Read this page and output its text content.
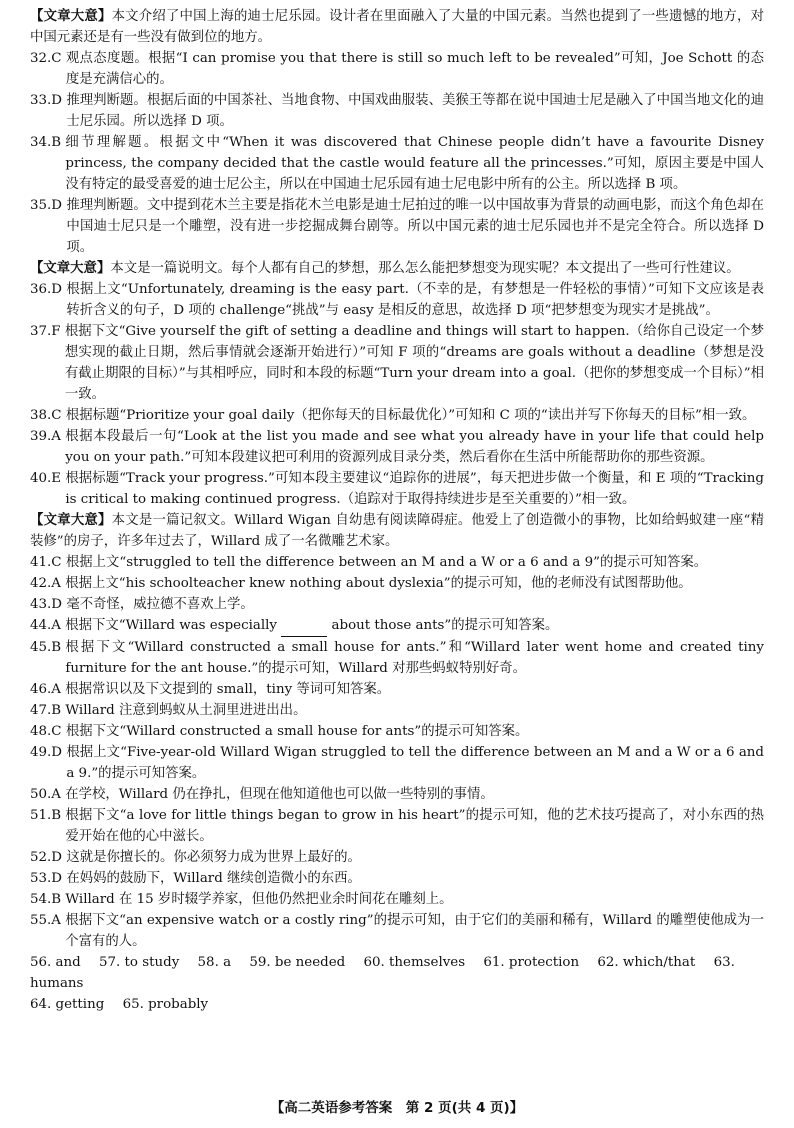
【文章大意】本文介绍了中国上海的迪士尼乐园。设计者在里面融入了大量的中国元素。当然也提到了一些遗憾的地方，对中国元素还是有一些没有做到位的地方。

32.C
观点态度题。根据“I can promise you that there is still so much left to be revealed”可知，Joe Schott 的态度是充满信心的。
33.D
推理判断题。根据后面的中国茶社、当地食物、中国戏曲服装、美猴王等都在说中国迪士尼是融入了中国当地文化的迪士尼乐园。所以选择 D 项。
34.B
细节理解题。根据文中“When it was discovered that Chinese people didn’t have a favourite Disney princess, the company decided that the castle would feature all the princesses.”可知，原因主要是中国人没有特定的最受喜爱的迪士尼公主，所以在中国迪士尼乐园有迪士尼电影中所有的公主。所以选择 B 项。
35.D
推理判断题。文中提到花木兰主要是指花木兰电影是迪士尼拍过的唯一以中国故事为背景的动画电影，而这个角色却在中国迪士尼只是一个雕塑，没有进一步挖掘成舞台剧等。所以中国元素的迪士尼乐园也并不是完全符合。所以选择 D 项。

【文章大意】本文是一篇说明文。每个人都有自己的梦想，那么怎么能把梦想变为现实呢？本文提出了一些可行性建议。

36.D
根据上文“Unfortunately, dreaming is the easy part.（不幸的是，有梦想是一件轻松的事情）”可知下文应该是表转折含义的句子，D 项的 challenge“挑战”与 easy 是相反的意思，故选择 D 项“把梦想变为现实才是挑战”。
37.F
根据下文“Give yourself the gift of setting a deadline and things will start to happen.（给你自己设定一个梦想实现的截止日期，然后事情就会逐渐开始进行）”可知 F 项的“dreams are goals without a deadline（梦想是没有截止期限的目标）”与其相呼应，同时和本段的标题“Turn your dream into a goal.（把你的梦想变成一个目标）”相一致。
38.C
根据标题“Prioritize your goal daily（把你每天的目标最优化）”可知和 C 项的“读出并写下你每天的目标”相一致。
39.A
根据本段最后一句“Look at the list you made and see what you already have in your life that could help you on your path.”可知本段建议把可利用的资源列成目录分类，然后看你在生活中所能帮助你的那些资源。
40.E
根据标题“Track your progress.”可知本段主要建议“追踪你的进展”，每天把进步做一个衡量，和 E 项的“Tracking is critical to making continued progress.（追踪对于取得持续进步是至关重要的）”相一致。

【文章大意】本文是一篇记叙文。Willard Wigan 自幼患有阅读障碍症。他爱上了创造微小的事物，比如给蚂蚁建一座“精装修”的房子，许多年过去了，Willard 成了一名微雕艺术家。

41.C
根据上文“struggled to tell the difference between an M and a W or a 6 and a 9”的提示可知答案。
42.A
根据上文“his schoolteacher knew nothing about dyslexia”的提示可知，他的老师没有试图帮助他。
43.D
毫不奇怪，威拉德不喜欢上学。
44.A
根据下文“Willard was especially	about those ants”的提示可知答案。
45.B
根据下文“Willard constructed a small house for ants.”和“Willard later went home and created tiny furniture for the ant house.”的提示可知，Willard 对那些蚂蚁特别好奇。
46.A
根据常识以及下文提到的 small，tiny 等词可知答案。
47.B
Willard 注意到蚂蚁从土洞里进进出出。
48.C
根据下文“Willard constructed a small house for ants”的提示可知答案。
49.D
根据上文“Five-year-old Willard Wigan struggled to tell the difference between an M and a W or a 6 and a 9.”的提示可知答案。
50.A
在学校，Willard 仍在挣扎，但现在他知道他也可以做一些特别的事情。
51.B
根据下文“a love for little things began to grow in his heart”的提示可知，他的艺术技巧提高了，对小东西的热爱开始在他的心中滋长。
52.D
这就是你擅长的。你必须努力成为世界上最好的。
53.D
在妈妈的鼓励下，Willard 继续创造微小的东西。
54.B
Willard 在 15 岁时辍学养家，但他仍然把业余时间花在雕刻上。
55.A
根据下文“an expensive watch or a costly ring”的提示可知，由于它们的美丽和稀有，Willard 的雕塑使他成为一个富有的人。

56. and 57. to study 58. a 59. be needed 60. themselves 61. protection 62. which/that 63. humans

64. getting 65. probably

【高二英语参考答案　第 2 页(共 4 页)】
